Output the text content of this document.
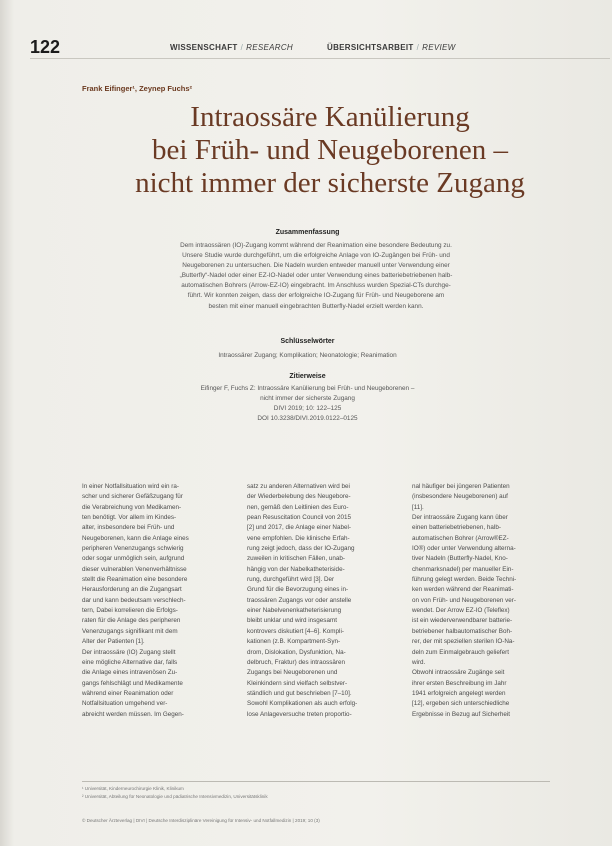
122	WISSENSCHAFT / RESEARCH	ÜBERSICHTSARBEIT / REVIEW
Frank Eifinger¹, Zeynep Fuchs²
Intraossäre Kanülierung
bei Früh- und Neugeborenen –
nicht immer der sicherste Zugang
Zusammenfassung
Dem intraossären (IO)-Zugang kommt während der Reanimation eine besondere Bedeutung zu.
Unsere Studie wurde durchgeführt, um die erfolgreiche Anlage von IO-Zugängen bei Früh- und
Neugeborenen zu untersuchen. Die Nadeln wurden entweder manuell unter Verwendung einer
„Butterfly“-Nadel oder einer EZ-IO-Nadel oder unter Verwendung eines batteriebetriebenen halb-
automatischen Bohrers (Arrow-EZ-IO) eingebracht. Im Anschluss wurden Spezial-CTs durchge-
führt. Wir konnten zeigen, dass der erfolgreiche IO-Zugang für Früh- und Neugeborene am
besten mit einer manuell eingebrachten Butterfly-Nadel erzielt werden kann.
Schlüsselwörter
Intraossärer Zugang; Komplikation; Neonatologie; Reanimation
Zitierweise
Eifinger F, Fuchs Z: Intraossäre Kanülierung bei Früh- und Neugeborenen –
nicht immer der sicherste Zugang
DIVI 2019; 10: 122–125
DOI 10.3238/DIVI.2019.0122–0125
In einer Notfallsituation wird ein ra-
scher und sicherer Gefäßzugang für
die Verabreichung von Medikamen-
ten benötigt. Vor allem im Kindes-
alter, insbesondere bei Früh- und
Neugeborenen, kann die Anlage eines
peripheren Venenzugangs schwierig
oder sogar unmöglich sein, aufgrund
dieser vulnerablen Venenverhältnisse
stellt die Reanimation eine besondere
Herausforderung an die Zugangsart
dar und kann bedeutsam verschlech-
tern, Dabei korrelieren die Erfolgs-
raten für die Anlage des peripheren
Venenzugangs signifikant mit dem
Alter der Patienten [1].
Der intraossäre (IO) Zugang stellt
eine mögliche Alternative dar, falls
die Anlage eines intravenösen Zu-
gangs fehlschlägt und Medikamente
während einer Reanimation oder
Notfallsituation umgehend ver-
abreicht werden müssen. Im Gegen-
satz zu anderen Alternativen wird bei
der Wiederbelebung des Neugebore-
nen, gemäß den Leitlinien des Euro-
pean Resuscitation Council von 2015
[2] und 2017, die Anlage einer Nabel-
vene empfohlen. Die klinische Erfah-
rung zeigt jedoch, dass der IO-Zugang
zuweilen in kritischen Fällen, unab-
hängig von der Nabelkatheteriside-
rung, durchgeführt wird [3]. Der
Grund für die Bevorzugung eines in-
traossären Zugangs vor oder anstelle
einer Nabelvenenkatheterisierung
bleibt unklar und wird insgesamt
kontrovers diskutiert [4–6]. Kompli-
kationen (z.B. Kompartment-Syn-
drom, Dislokation, Dysfunktion, Na-
delbruch, Fraktur) des intraossären
Zugangs bei Neugeborenen und
Kleinkindern sind vielfach selbstver-
ständlich und gut beschrieben [7–10].
Sowohl Komplikationen als auch erfolg-
lose Anlageversuche treten proportio-
nal häufiger bei jüngeren Patienten
(insbesondere Neugeborenen) auf
[11].
Der intraossäre Zugang kann über
einen batteriebetriebenen, halb-
automatischen Bohrer (Arrow®EZ-
IO®) oder unter Verwendung alterna-
tiver Nadeln (Butterfly-Nadel, Kno-
chenmarksnadel) per manueller Ein-
führung gelegt werden. Beide Techni-
ken werden während der Reanimati-
on von Früh- und Neugeborenen ver-
wendet. Der Arrow EZ-IO (Teleflex)
ist ein wiederverwendbarer batterie-
betriebener halbautomatischer Boh-
rer, der mit speziellen sterilen IO-Na-
deln zum Einmalgebrauch geliefert
wird.
Obwohl intraossäre Zugänge seit
ihrer ersten Beschreibung im Jahr
1941 erfolgreich angelegt werden
[12], ergeben sich unterschiedliche
Ergebnisse in Bezug auf Sicherheit
¹ Universität, Kinderneurochirurgie Klinik, Klinikum
² Universität, Abteilung für Neonatologie und pädiatrische Intensivmedizin, Universitätsklinik
© Deutscher Ärzteverlag | DIVI | Deutsche Interdisziplinäre Vereinigung für Intensiv- und Notfallmedizin | 2019; 10 (3)
